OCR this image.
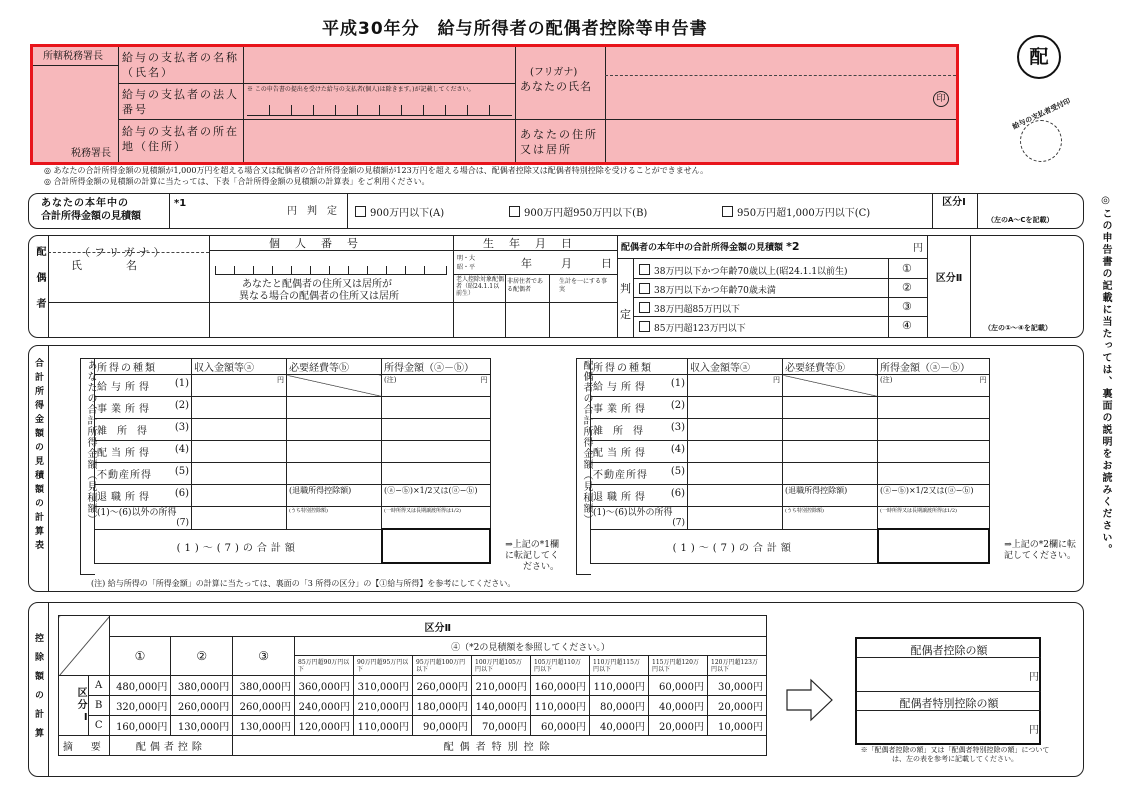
平成30年分　給与所得者の配偶者控除等申告書
配
給与の支払者受付印
所轄税務署長
税務署長
給与の支払者の名称（氏名）
給与の支払者の法人番号
※ この申告書の提出を受けた給与の支払者(個人)は除きます。)が記載してください。
給与の支払者の所在地（住所）
(フリガナ)
あなたの氏名
印
あなたの住所又は居所
◎ あなたの合計所得金額の見積額が1,000万円を超える場合又は配偶者の合計所得金額の見積額が123万円を超える場合は、配偶者控除又は配偶者特別控除を受けることができません。
◎ 合計所得金額の見積額の計算に当たっては、下表「合計所得金額の見積額の計算表」をご利用ください。
あなたの本年中の
合計所得金額の見積額
*1
円 判　定	900万円以下(A)	900万円超950万円以下(B)	950万円超1,000万円以下(C)
区分Ⅰ
（左のA～Cを記載）
配偶者	（フリガナ）
氏　　　　名
個　人　番　号
あなたと配偶者の住所又は居所が
異なる場合の配偶者の住所又は居所
生　年　月　日
明・大 昭・平	年	月	日
老人控除対象配偶者（昭24.1.1以前生）
非居住者である配偶者
生計を一にする事実
配偶者の本年中の合計所得金額の見積額 *2	円
判定
38万円以下かつ年齢70歳以上(昭24.1.1以前生)	①
38万円以下かつ年齢70歳未満	②
38万円超85万円以下	③
85万円超123万円以下	④
区分Ⅱ
（左の①～④を記載）
合計所得金額の見積額の計算表
(注) 給与所得の「所得金額」の計算に当たっては、裏面の「3 所得の区分」の【①給与所得】を参考にしてください。
あなたの合計所得金額（見積額） 所得の種類	収入金額等ⓐ	必要経費等ⓑ	所得金額（ⓐ－ⓑ）
給与所得 (1)	円		(注) 円

事業所得 (2)			

雑所得 (3)			

配当所得 (4)			

不動産所得 (5)			

退職所得 (6)		(退職所得控除額)	(ⓐ−ⓑ)×1/2又は(ⓐ−ⓑ)
(1)～(6)以外の所得
(7)		(うち特別控除額)	(一時所得又は長期譲渡所得は1/2)
(1)～(7)の合計額				⇒上記の*1欄に転記してください。
配偶者の合計所得金額（見積額） 所得の種類	収入金額等ⓐ	必要経費等ⓑ	所得金額（ⓐ－ⓑ）
給与所得 (1)	円		(注) 円

事業所得 (2)			

雑所得 (3)			

配当所得 (4)			

不動産所得 (5)			

退職所得 (6)		(退職所得控除額)	(ⓐ−ⓑ)×1/2又は(ⓐ−ⓑ)
(1)～(6)以外の所得
(7)		(うち特別控除額)	(一時所得又は長期譲渡所得は1/2)
(1)～(7)の合計額				⇒上記の*2欄に転記してください。
控除額の計算
		区分Ⅱ										
		①	②	③	④（*2の見積額を参照してください。）							
					85万円超90万円以下	90万円超95万円以下	95万円超100万円以下	100万円超105万円以下	105万円超110万円以下	110万円超115万円以下	115万円超120万円以下	120万円超123万円以下
区分Ⅰ	A	480,000円	380,000円	380,000円	360,000円	310,000円	260,000円	210,000円	160,000円	110,000円	60,000円	30,000円
	B	320,000円	260,000円	260,000円	240,000円	210,000円	180,000円	140,000円	110,000円	80,000円	40,000円	20,000円
	C	160,000円	130,000円	130,000円	120,000円	110,000円	90,000円	70,000円	60,000円	40,000円	20,000円	10,000円
摘　要		配偶者控除		配偶者特別控除								
配偶者控除の額
円
配偶者特別控除の額
円
※「配偶者控除の額」又は「配偶者特別控除の額」については、左の表を参考に記載してください。
◎この申告書の記載に当たっては、裏面の説明をお読みください。
